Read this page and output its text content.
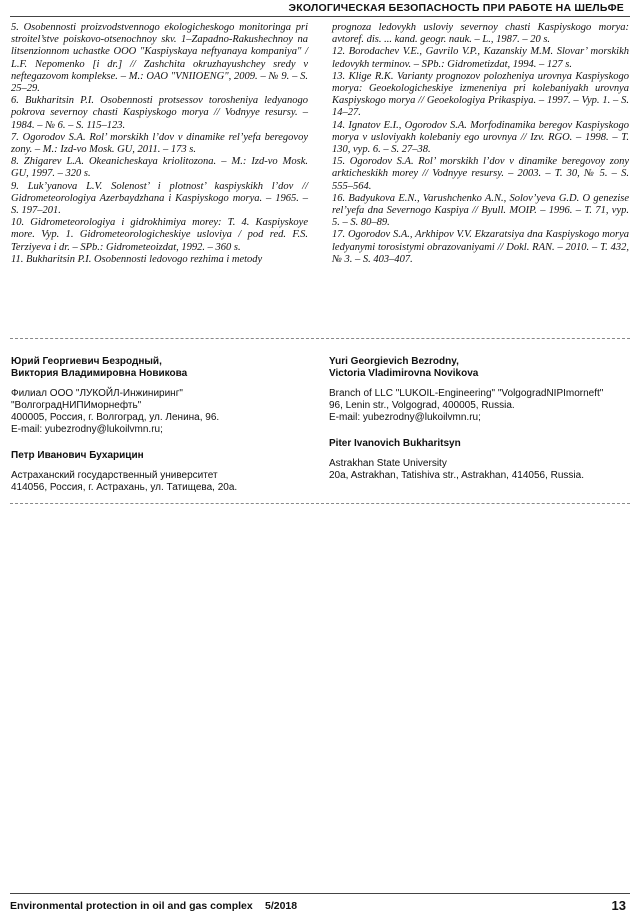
ЭКОЛОГИЧЕСКАЯ БЕЗОПАСНОСТЬ ПРИ РАБОТЕ НА ШЕЛЬФЕ

5. Osobennosti proizvodstvennogo ekologicheskogo monitoringa pri stroitel’stve poiskovo-otsenochnoy skv. 1–Zapadno-Rakushechnoy na litsenzionnom uchastke OOO "Kaspiyskaya neftyanaya kompaniya" / L.F. Nepomenko [i dr.] // Zashchita okruzhayushchey sredy v neftegazovom komplekse. – M.: OAO "VNIIOENG", 2009. – № 9. – S. 25–29.

6. Bukharitsin P.I. Osobennosti protsessov torosheniya ledyanogo pokrova severnoy chasti Kaspiyskogo morya // Vodnyye resursy. – 1984. – № 6. – S. 115–123.

7. Ogorodov S.A. Rol’ morskikh l’dov v dinamike rel’yefa beregovoy zony. – M.: Izd-vo Mosk. GU, 2011. – 173 s.

8. Zhigarev L.A. Okeanicheskaya kriolitozona. – M.: Izd-vo Mosk. GU, 1997. – 320 s.

9. Luk’yanova L.V. Solenost’ i plotnost’ kaspiyskikh l’dov // Gidrometeorologiya Azerbaydzhana i Kaspiyskogo morya. – 1965. – S. 197–201.

10. Gidrometeorologiya i gidrokhimiya morey: T. 4. Kaspiyskoye more. Vyp. 1. Gidrometeorologicheskiye usloviya / pod red. F.S. Terziyeva i dr. – SPb.: Gidrometeoizdat, 1992. – 360 s.

11. Bukharitsin P.I. Osobennosti ledovogo rezhima i metody

prognoza ledovykh usloviy severnoy chasti Kaspiyskogo morya: avtoref. dis. ... kand. geogr. nauk. – L., 1987. – 20 s.

12. Borodachev V.E., Gavrilo V.P., Kazanskiy M.M. Slovar’ morskikh ledovykh terminov. – SPb.: Gidrometizdat, 1994. – 127 s.

13. Klige R.K. Varianty prognozov polozheniya urovnya Kaspiyskogo morya: Geoekologicheskiye izmeneniya pri kolebaniyakh urovnya Kaspiyskogo morya // Geoekologiya Prikaspiya. – 1997. – Vyp. 1. – S. 14–27.

14. Ignatov E.I., Ogorodov S.A. Morfodinamika beregov Kaspiyskogo morya v usloviyakh kolebaniy ego urovnya // Izv. RGO. – 1998. – T. 130, vyp. 6. – S. 27–38.

15. Ogorodov S.A. Rol’ morskikh l’dov v dinamike beregovoy zony arkticheskikh morey // Vodnyye resursy. – 2003. – T. 30, № 5. – S. 555–564.

16. Badyukova E.N., Varushchenko A.N., Solov’yeva G.D. O genezise rel’yefa dna Severnogo Kaspiya // Byull. MOIP. – 1996. – T. 71, vyp. 5. – S. 80–89.

17. Ogorodov S.A., Arkhipov V.V. Ekzaratsiya dna Kaspiyskogo morya ledyanymi torosistymi obrazovaniyami // Dokl. RAN. – 2010. – T. 432, № 3. – S. 403–407.

Юрий Георгиевич Безродный,

Виктория Владимировна Новикова

Филиал ООО "ЛУКОЙЛ-Инжиниринг" "ВолгоградНИПИморнефть"

400005, Россия, г. Волгоград, ул. Ленина, 96.

E-mail: yubezrodny@lukoilvmn.ru;

Петр Иванович Бухарицин

Астраханский государственный университет

414056, Россия, г. Астрахань, ул. Татищева, 20а.

Yuri Georgievich Bezrodny,

Victoria Vladimirovna Novikova

Branch of LLC "LUKOIL-Engineering" "VolgogradNIPImorneft"

96, Lenin str., Volgograd, 400005, Russia.

E-mail: yubezrodny@lukoilvmn.ru;

Piter Ivanovich Bukharitsyn

Astrakhan State University

20a, Astrakhan, Tatishiva str., Astrakhan, 414056, Russia.

Environmental protection in oil and gas complex 5/2018	13
